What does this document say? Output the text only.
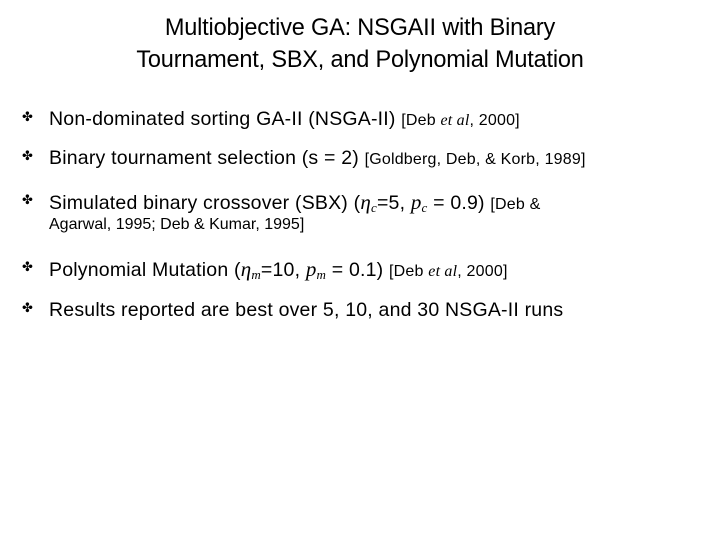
Multiobjective GA: NSGAII with Binary
Tournament, SBX, and Polynomial Mutation
✤ Non-dominated sorting GA-II (NSGA-II) [Deb et al, 2000]
✤ Binary tournament selection (s = 2) [Goldberg, Deb, & Korb, 1989]
✤ Simulated binary crossover (SBX) ($\eta_c=5$, $p_c = 0.9$) [Deb &
Agarwal, 1995; Deb & Kumar, 1995]
✤ Polynomial Mutation ($\eta_m=10$, $p_m = 0.1$) [Deb et al, 2000]
✤ Results reported are best over 5, 10, and 30 NSGA-II runs
